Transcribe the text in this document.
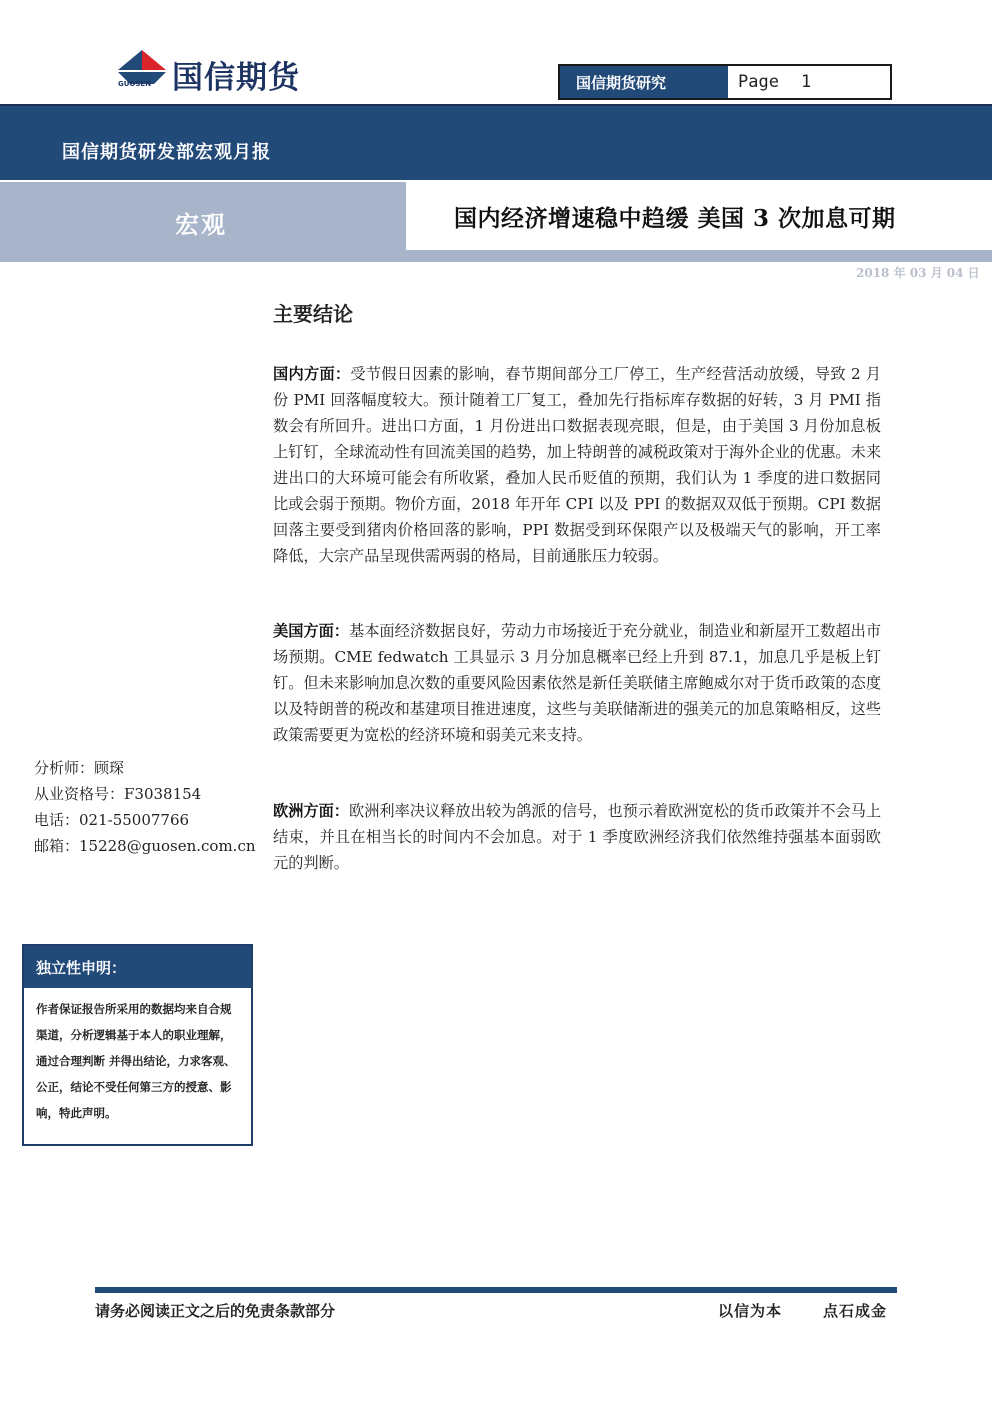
国信期货
GUOSEN	国信期货研究	Page 1
国信期货研发部宏观月报
宏观	国内经济增速稳中趋缓 美国 3 次加息可期
2018 年 03 月 04 日
主要结论
国内方面：受节假日因素的影响，春节期间部分工厂停工，生产经营活动放缓，导致 2 月份 PMI 回落幅度较大。预计随着工厂复工，叠加先行指标库存数据的好转，3 月 PMI 指数会有所回升。进出口方面，1 月份进出口数据表现亮眼，但是，由于美国 3 月份加息板上钉钉，全球流动性有回流美国的趋势，加上特朗普的减税政策对于海外企业的优惠。未来进出口的大环境可能会有所收紧，叠加人民币贬值的预期，我们认为 1 季度的进口数据同比或会弱于预期。物价方面，2018 年开年 CPI 以及 PPI 的数据双双低于预期。CPI 数据回落主要受到猪肉价格回落的影响，PPI 数据受到环保限产以及极端天气的影响，开工率降低，大宗产品呈现供需两弱的格局，目前通胀压力较弱。
美国方面：基本面经济数据良好，劳动力市场接近于充分就业，制造业和新屋开工数超出市场预期。CME fedwatch 工具显示 3 月分加息概率已经上升到 87.1，加息几乎是板上钉钉。但未来影响加息次数的重要风险因素依然是新任美联储主席鲍威尔对于货币政策的态度以及特朗普的税改和基建项目推进速度，这些与美联储渐进的强美元的加息策略相反，这些政策需要更为宽松的经济环境和弱美元来支持。
欧洲方面：欧洲利率决议释放出较为鸽派的信号，也预示着欧洲宽松的货币政策并不会马上结束，并且在相当长的时间内不会加息。对于 1 季度欧洲经济我们依然维持强基本面弱欧元的判断。
分析师：顾琛
从业资格号：F3038154
电话：021-55007766
邮箱：15228@guosen.com.cn
独立性申明：
作者保证报告所采用的数据均来自合规渠道，分析逻辑基于本人的职业理解，通过合理判断 并得出结论，力求客观、公正，结论不受任何第三方的授意、影响，特此声明。
请务必阅读正文之后的免责条款部分	以信为本	点石成金
